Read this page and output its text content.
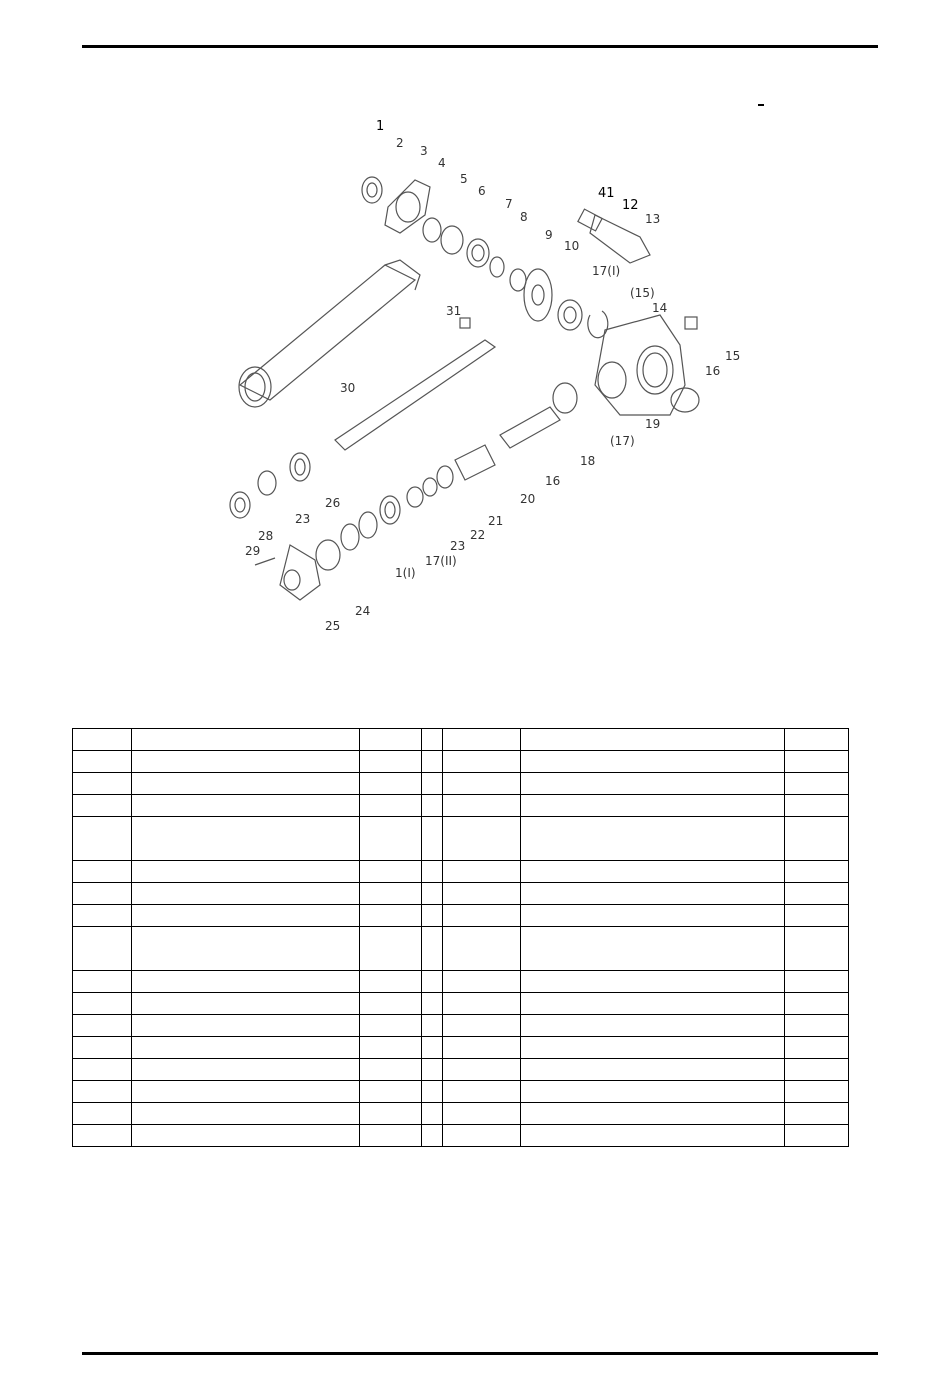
1
2
3
4
5
6
7
8
9
10
41
12
13
17(I)
(15)
14
31
30
15
16
19
(17)
18
16
20
21
22
23
17(II)
1(I)
24
25
26
23
28
29
